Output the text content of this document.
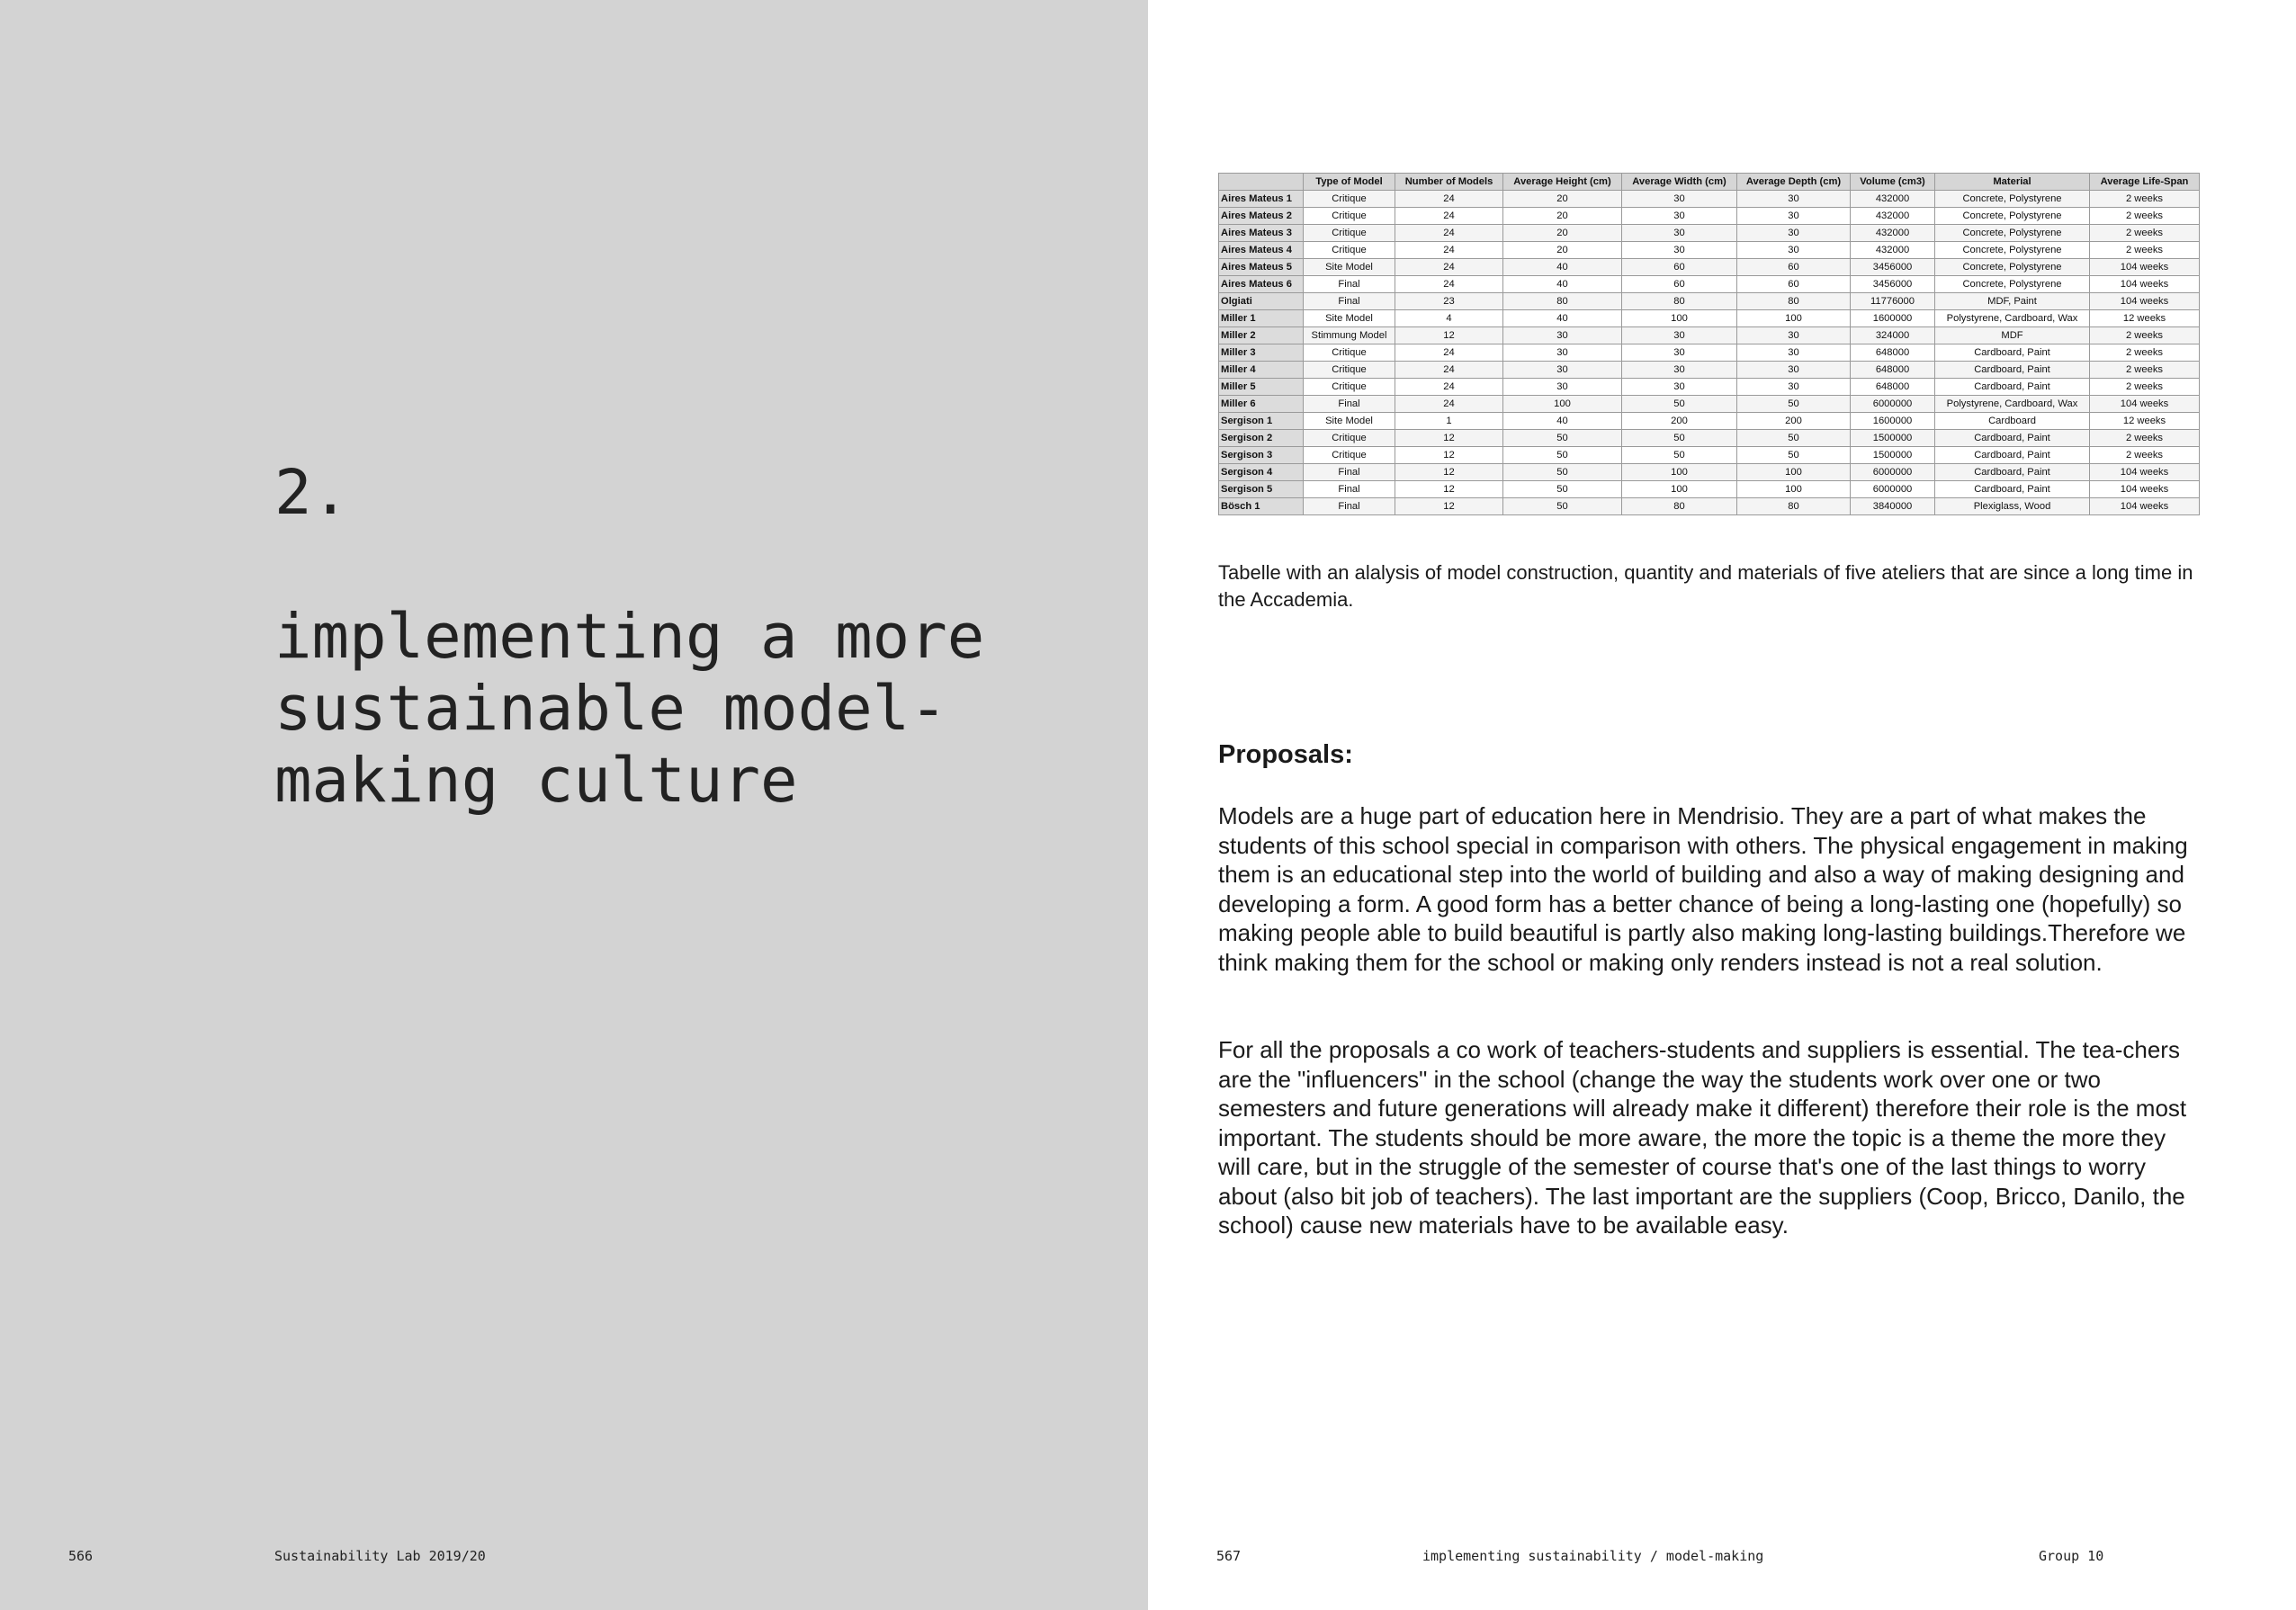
2.
implementing a more sustainable model-making culture
566	Sustainability Lab 2019/20
	Type of Model	Number of Models	Average Height (cm)	Average Width (cm)	Average Depth (cm)	Volume (cm3)	Material	Average Life-Span
Aires Mateus 1	Critique	24	20	30	30	432000	Concrete, Polystyrene	2 weeks
Aires Mateus 2	Critique	24	20	30	30	432000	Concrete, Polystyrene	2 weeks
Aires Mateus 3	Critique	24	20	30	30	432000	Concrete, Polystyrene	2 weeks
Aires Mateus 4	Critique	24	20	30	30	432000	Concrete, Polystyrene	2 weeks
Aires Mateus 5	Site Model	24	40	60	60	3456000	Concrete, Polystyrene	104 weeks
Aires Mateus 6	Final	24	40	60	60	3456000	Concrete, Polystyrene	104 weeks
Olgiati	Final	23	80	80	80	11776000	MDF, Paint	104 weeks
Miller 1	Site Model	4	40	100	100	1600000	Polystyrene, Cardboard, Wax	12 weeks
Miller 2	Stimmung Model	12	30	30	30	324000	MDF	2 weeks
Miller 3	Critique	24	30	30	30	648000	Cardboard, Paint	2 weeks
Miller 4	Critique	24	30	30	30	648000	Cardboard, Paint	2 weeks
Miller 5	Critique	24	30	30	30	648000	Cardboard, Paint	2 weeks
Miller 6	Final	24	100	50	50	6000000	Polystyrene, Cardboard, Wax	104 weeks
Sergison 1	Site Model	1	40	200	200	1600000	Cardboard	12 weeks
Sergison 2	Critique	12	50	50	50	1500000	Cardboard, Paint	2 weeks
Sergison 3	Critique	12	50	50	50	1500000	Cardboard, Paint	2 weeks
Sergison 4	Final	12	50	100	100	6000000	Cardboard, Paint	104 weeks
Sergison 5	Final	12	50	100	100	6000000	Cardboard, Paint	104 weeks
Bösch 1	Final	12	50	80	80	3840000	Plexiglass, Wood	104 weeks

Tabelle with an alalysis of model construction, quantity and materials of five ateliers that are since a long time in the Accademia.

Proposals:

Models are a huge part of education here in Mendrisio. They are a part of what makes the students of this school special in comparison with others. The physical engagement in making them is an educational step into the world of building and also a way of making designing and developing a form. A good form has a better chance of being a long-lasting one (hopefully) so making people able to build beautiful is partly also making long-lasting buildings.Therefore we think making them for the school or making only renders instead is not a real solution.

For all the proposals a co work of teachers-students and suppliers is essential. The tea-chers are the "influencers" in the school (change the way the students work over one or two semesters and future generations will already make it different) therefore their role is the most important. The students should be more aware, the more the topic is a theme the more they will care, but in the struggle of the semester of course that's one of the last things to worry about (also bit job of teachers). The last important are the suppliers (Coop, Bricco, Danilo, the school) cause new materials have to be available easy.

567	implementing sustainability / model-making	Group 10
